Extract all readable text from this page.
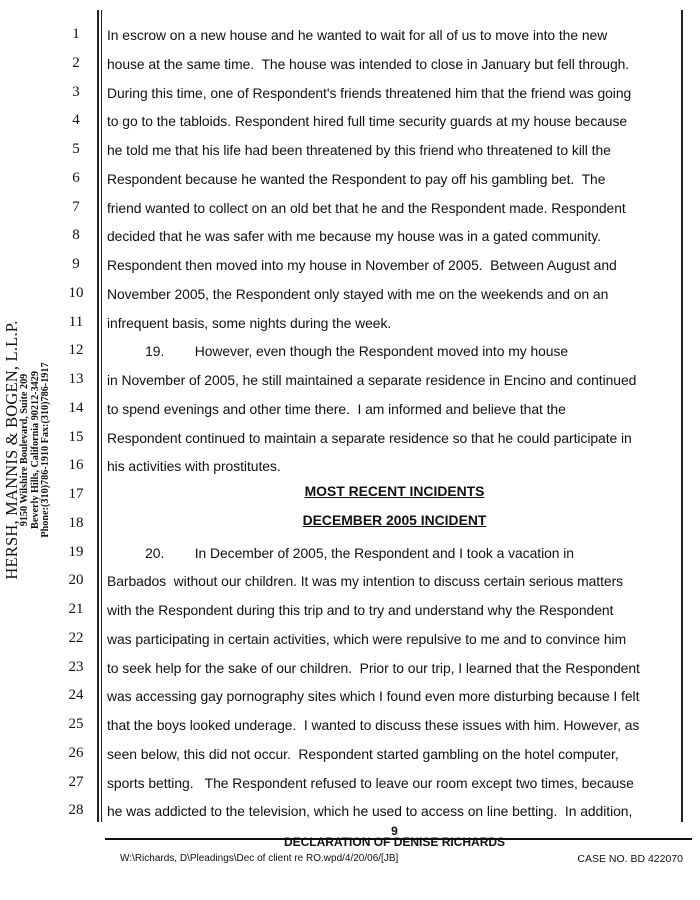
HERSH, MANNIS & BOGEN, L.L.P.
9150 Wilshire Boulevard, Suite 209 Beverly Hills, California 90212-3429 Phone:(310)786-1910 Fax:(310)786-1917
1
2
3
4
5
6
7
8
9
10
11
12
13
14
15
16
17
18
19
20
21
22
23
24
25
26
27
28
In escrow on a new house and he wanted to wait for all of us to move into the new
house at the same time.  The house was intended to close in January but fell through.
During this time, one of Respondent's friends threatened him that the friend was going
to go to the tabloids. Respondent hired full time security guards at my house because
he told me that his life had been threatened by this friend who threatened to kill the
Respondent because he wanted the Respondent to pay off his gambling bet.  The
friend wanted to collect on an old bet that he and the Respondent made. Respondent
decided that he was safer with me because my house was in a gated community.
Respondent then moved into my house in November of 2005.  Between August and
November 2005, the Respondent only stayed with me on the weekends and on an
infrequent basis, some nights during the week.
19.        However, even though the Respondent moved into my house
in November of 2005, he still maintained a separate residence in Encino and continued
to spend evenings and other time there.  I am informed and believe that the
Respondent continued to maintain a separate residence so that he could participate in
his activities with prostitutes.
20.        In December of 2005, the Respondent and I took a vacation in
Barbados  without our children. It was my intention to discuss certain serious matters
with the Respondent during this trip and to try and understand why the Respondent
was participating in certain activities, which were repulsive to me and to convince him
to seek help for the sake of our children.  Prior to our trip, I learned that the Respondent
was accessing gay pornography sites which I found even more disturbing because I felt
that the boys looked underage.  I wanted to discuss these issues with him. However, as
seen below, this did not occur.  Respondent started gambling on the hotel computer,
sports betting.   The Respondent refused to leave our room except two times, because
he was addicted to the television, which he used to access on line betting.  In addition,
MOST RECENT INCIDENTS
DECEMBER 2005 INCIDENT
9
DECLARATION OF DENISE RICHARDS
W:\Richards, D\Pleadings\Dec of client re RO.wpd/4/20/06/[JB]	CASE NO. BD 422070
